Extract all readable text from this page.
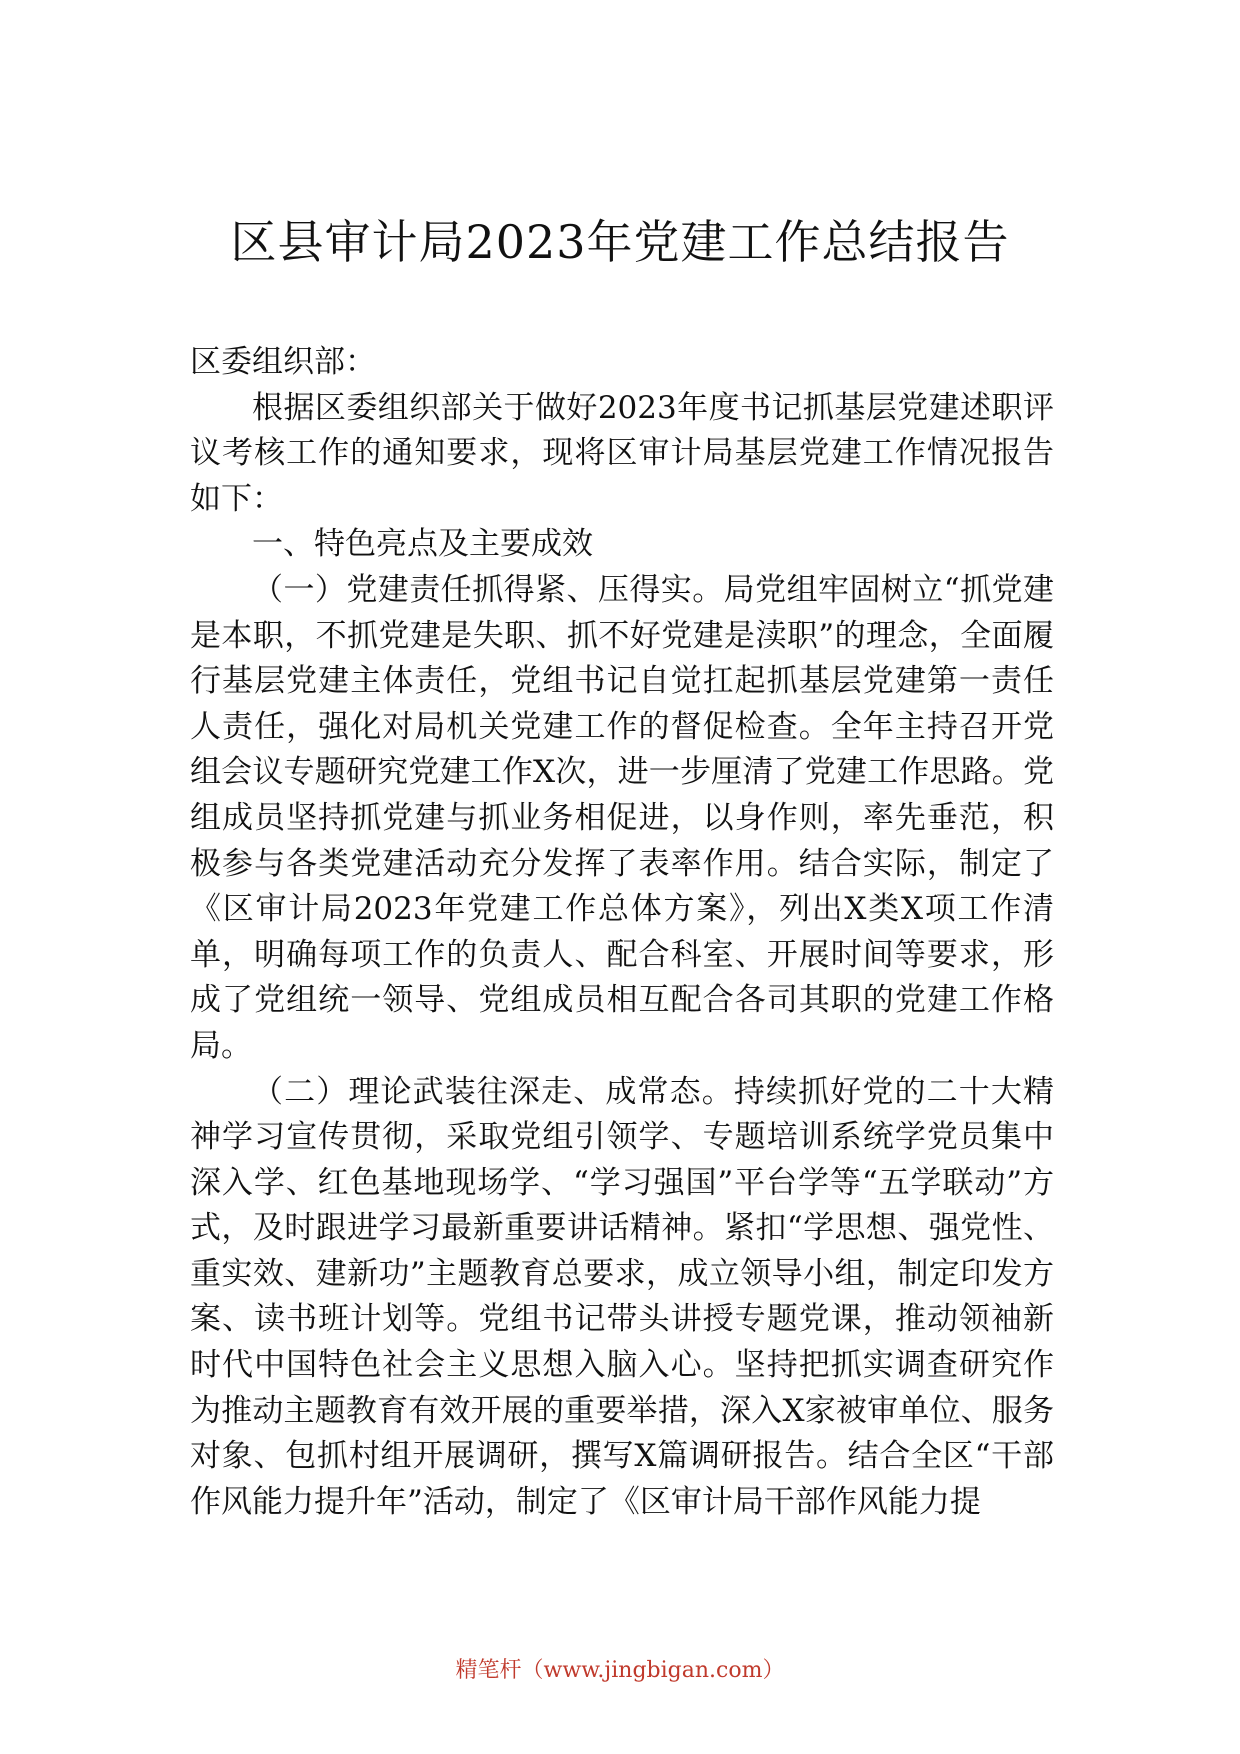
区县审计局2023年党建工作总结报告

区委组织部：

根据区委组织部关于做好2023年度书记抓基层党建述职评议考核工作的通知要求，现将区审计局基层党建工作情况报告如下：

一、特色亮点及主要成效

（一）党建责任抓得紧、压得实。局党组牢固树立“抓党建是本职，不抓党建是失职、抓不好党建是渎职”的理念，全面履行基层党建主体责任，党组书记自觉扛起抓基层党建第一责任人责任，强化对局机关党建工作的督促检查。全年主持召开党组会议专题研究党建工作X次，进一步厘清了党建工作思路。党组成员坚持抓党建与抓业务相促进，以身作则，率先垂范，积极参与各类党建活动充分发挥了表率作用。结合实际，制定了《区审计局2023年党建工作总体方案》，列出X类X项工作清单，明确每项工作的负责人、配合科室、开展时间等要求，形成了党组统一领导、党组成员相互配合各司其职的党建工作格局。

（二）理论武装往深走、成常态。持续抓好党的二十大精神学习宣传贯彻，采取党组引领学、专题培训系统学党员集中深入学、红色基地现场学、“学习强国”平台学等“五学联动”方式，及时跟进学习最新重要讲话精神。紧扣“学思想、强党性、重实效、建新功”主题教育总要求，成立领导小组，制定印发方案、读书班计划等。党组书记带头讲授专题党课，推动领袖新时代中国特色社会主义思想入脑入心。坚持把抓实调查研究作为推动主题教育有效开展的重要举措，深入X家被审单位、服务对象、包抓村组开展调研，撰写X篇调研报告。结合全区“干部作风能力提升年”活动，制定了《区审计局干部作风能力提

精笔杆（www.jingbigan.com）
